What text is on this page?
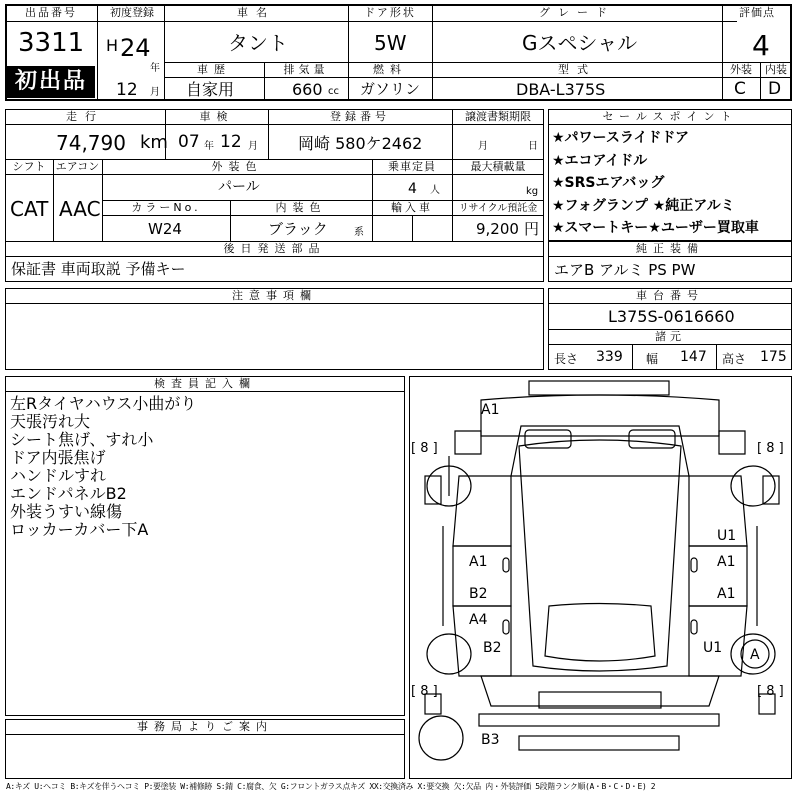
出品番号
3311
初出品
初度登録
H 24
年
12 月
車名
タント
ドア形状
5W
グレード
Gスペシャル
評価点
4
車歴
自家用
排気量
660 cc
燃料
ガソリン
型式
DBA-L375S
外装	内装
C D
走行
74,790 km
車検
07 年 12 月
登録番号
岡崎 580ケ2462
譲渡書類期限
月	日
シフト エアコン
CAT AAC
外装色
パール
乗車定員
4 人
最大積載量
kg
カラーNo.
W24
内装色
ブラック	系
輸入車	リサイクル預託金
9,200 円
後日発送部品
保証書 車両取説 予備キー
セールスポイント
★パワースライドドア
★エコアイドル
★SRSエアバッグ
★フォグランプ ★純正アルミ
★スマートキー★ユーザー買取車
純正装備
エアB アルミ PS PW
注意事項欄	車台番号
L375S-0616660
諸元
長さ 339 幅 147 高さ 175
検査員記入欄
左Rタイヤハウス小曲がり
天張汚れ大
シート焦げ、すれ小
ドア内張焦げ
ハンドルすれ
エンドパネルB2
外装うすい線傷
ロッカーカバー下A
事務局よりご案内
A1
[ 8 ]	[ 8 ]
A1
B2
A4
B2
U1
A1
A1
U1 A
[ 8 ]	[ 8 ]
B3
A:キズ U:ヘコミ B:キズを伴うヘコミ P:要塗装 W:補修跡 S:錆 C:腐食、欠 G:フロントガラス点キズ XX:交換済み X:要交換 欠:欠品 内・外装評価 5段階ランク順(A・B・C・D・E) 2
